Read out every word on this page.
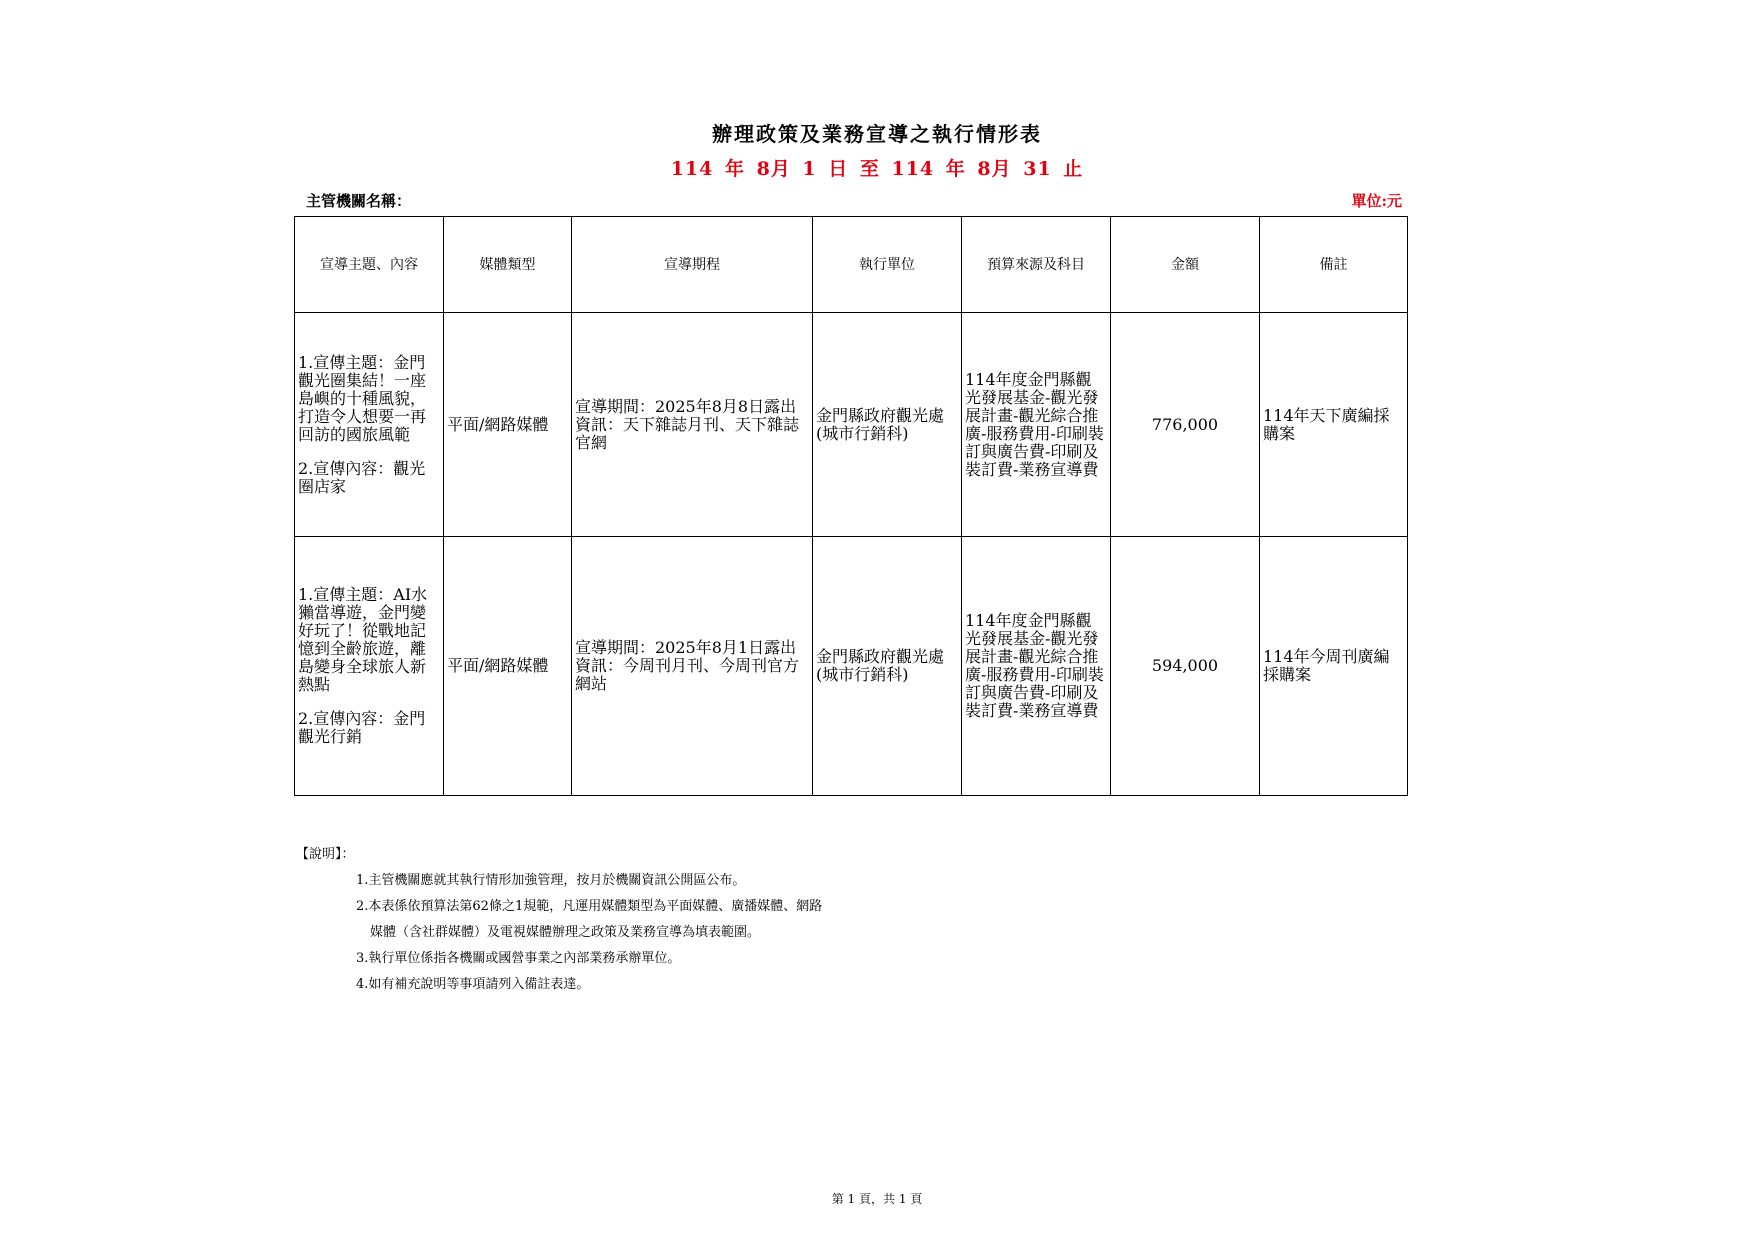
辦理政策及業務宣導之執行情形表
114 年 8月 1 日 至 114 年 8月 31 止
主管機關名稱：	單位:元
宣導主題、內容	媒體類型	宣導期程	執行單位	預算來源及科目	金額	備註

1.宣傳主題：金門觀光圈集結！一座島嶼的十種風貌，打造令人想要一再回訪的國旅風範

2.宣傳內容：觀光圈店家	平面/網路媒體	宣導期間：2025年8月8日露出資訊：天下雜誌月刊、天下雜誌官網	金門縣政府觀光處(城市行銷科)	114年度金門縣觀光發展基金-觀光發展計畫-觀光綜合推廣-服務費用-印刷裝訂與廣告費-印刷及裝訂費-業務宣導費	776,000	114年天下廣編採購案

1.宣傳主題：AI水獺當導遊，金門變好玩了！從戰地記憶到全齡旅遊，離島變身全球旅人新熱點

2.宣傳內容：金門觀光行銷	平面/網路媒體	宣導期間：2025年8月1日露出資訊：今周刊月刊、今周刊官方網站	金門縣政府觀光處(城市行銷科)	114年度金門縣觀光發展基金-觀光發展計畫-觀光綜合推廣-服務費用-印刷裝訂與廣告費-印刷及裝訂費-業務宣導費	594,000	114年今周刊廣編採購案
【說明】：
1.主管機關應就其執行情形加強管理，按月於機關資訊公開區公布。
2.本表係依預算法第62條之1規範，凡運用媒體類型為平面媒體、廣播媒體、網路
媒體（含社群媒體）及電視媒體辦理之政策及業務宣導為填表範圍。
3.執行單位係指各機關或國營事業之內部業務承辦單位。
4.如有補充說明等事項請列入備註表達。
第 1 頁，共 1 頁
